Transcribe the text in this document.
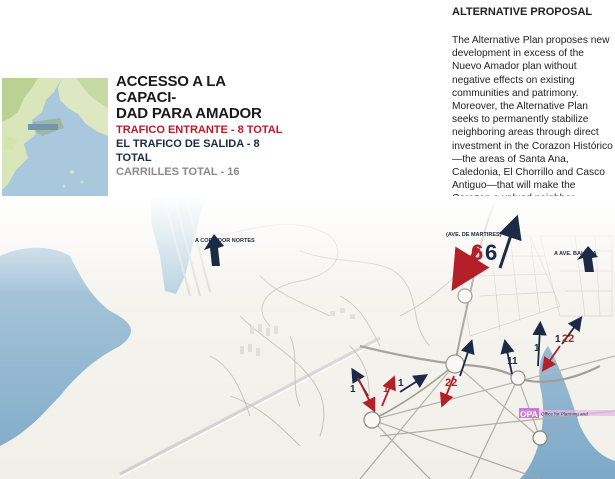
ACCESSO A LA CAPACI-
DAD PARA AMADOR
TRAFICO ENTRANTE - 8 TOTAL
EL TRAFICO DE SALIDA - 8 TOTAL
CARRILLES TOTAL - 16
ALTERNATIVE PROPOSAL

The Alternative Plan proposes new development in excess of the Nuevo Amador plan without negative effects on existing communities and patrimony. Moreover, the Alternative Plan seeks to permanently stabilize neighboring areas through direct investment in the Corazon Histórico—the areas of Santa Ana, Caledonia, El Chorrillo and Casco Antiguo—that will make the

OPA Office for Planning and
A CORRIDOR NORTES
(AVE. DE MARTIRES)
A AVE. BALBOA
6 6
1	1
1	22
11
1
1 22
